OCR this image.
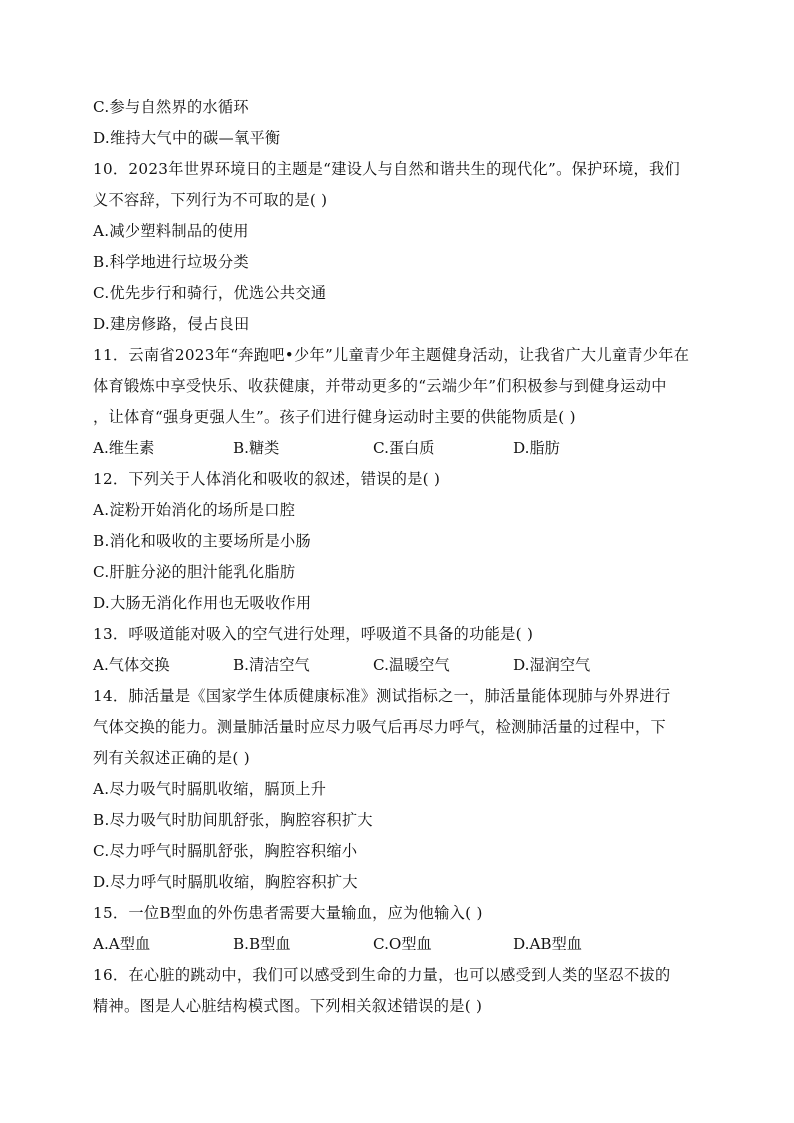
C.参与自然界的水循环
D.维持大气中的碳—氧平衡
10．2023年世界环境日的主题是“建设人与自然和谐共生的现代化”。保护环境，我们
义不容辞，下列行为不可取的是( )
A.减少塑料制品的使用
B.科学地进行垃圾分类
C.优先步行和骑行，优选公共交通
D.建房修路，侵占良田
11．云南省2023年“奔跑吧•少年”儿童青少年主题健身活动，让我省广大儿童青少年在
体育锻炼中享受快乐、收获健康，并带动更多的“云端少年”们积极参与到健身运动中
，让体育“强身更强人生”。孩子们进行健身运动时主要的供能物质是( )
A.维生素	B.糖类	C.蛋白质	D.脂肪
12．下列关于人体消化和吸收的叙述，错误的是( )
A.淀粉开始消化的场所是口腔
B.消化和吸收的主要场所是小肠
C.肝脏分泌的胆汁能乳化脂肪
D.大肠无消化作用也无吸收作用
13．呼吸道能对吸入的空气进行处理，呼吸道不具备的功能是( )
A.气体交换	B.清洁空气	C.温暖空气	D.湿润空气
14．肺活量是《国家学生体质健康标准》测试指标之一，肺活量能体现肺与外界进行
气体交换的能力。测量肺活量时应尽力吸气后再尽力呼气，检测肺活量的过程中，下
列有关叙述正确的是( )
A.尽力吸气时膈肌收缩，膈顶上升
B.尽力吸气时肋间肌舒张，胸腔容积扩大
C.尽力呼气时膈肌舒张，胸腔容积缩小
D.尽力呼气时膈肌收缩，胸腔容积扩大
15．一位B型血的外伤患者需要大量输血，应为他输入( )
A.A型血	B.B型血	C.O型血	D.AB型血
16．在心脏的跳动中，我们可以感受到生命的力量，也可以感受到人类的坚忍不拔的
精神。图是人心脏结构模式图。下列相关叙述错误的是( )
